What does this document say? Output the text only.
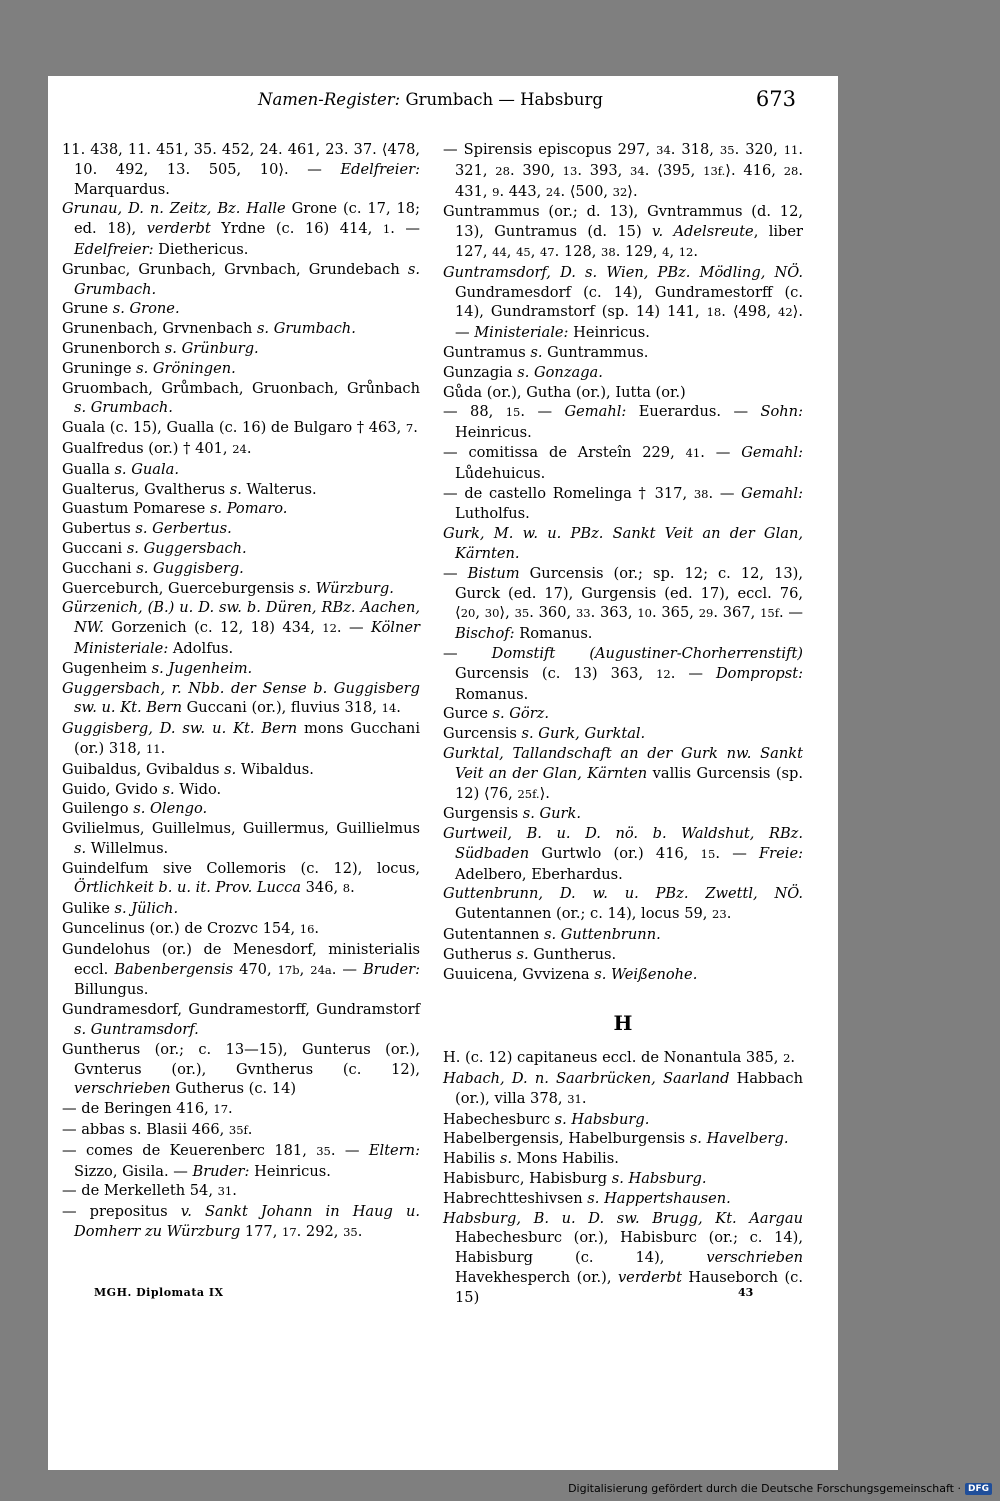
Namen-Register: Grumbach — Habsburg	673
11. 438, 11. 451, 35. 452, 24. 461, 23. 37. ⟨478, 10. 492, 13. 505, 10⟩. — Edelfreier: Marquardus.
Grunau, D. n. Zeitz, Bz. Halle Grone (c. 17, 18; ed. 18), verderbt Yrdne (c. 16) 414, 1. — Edelfreier: Diethericus.
Grunbac, Grunbach, Grvnbach, Grundebach s. Grumbach.
Grune s. Grone.
Grunenbach, Grvnenbach s. Grumbach.
Grunenborch s. Grünburg.
Gruninge s. Gröningen.
Gruombach, Grůmbach, Gruonbach, Grůnbach s. Grumbach.
Guala (c. 15), Gualla (c. 16) de Bulgaro † 463, 7.
Gualfredus (or.) † 401, 24.
Gualla s. Guala.
Gualterus, Gvaltherus s. Walterus.
Guastum Pomarese s. Pomaro.
Gubertus s. Gerbertus.
Guccani s. Guggersbach.
Gucchani s. Guggisberg.
Guerceburch, Guerceburgensis s. Würzburg.
Gürzenich, (B.) u. D. sw. b. Düren, RBz. Aachen, NW. Gorzenich (c. 12, 18) 434, 12. — Kölner Ministeriale: Adolfus.
Gugenheim s. Jugenheim.
Guggersbach, r. Nbb. der Sense b. Guggisberg sw. u. Kt. Bern Guccani (or.), fluvius 318, 14.
Guggisberg, D. sw. u. Kt. Bern mons Gucchani (or.) 318, 11.
Guibaldus, Gvibaldus s. Wibaldus.
Guido, Gvido s. Wido.
Guilengo s. Olengo.
Gvilielmus, Guillelmus, Guillermus, Guillielmus s. Willelmus.
Guindelfum sive Collemoris (c. 12), locus, Örtlichkeit b. u. it. Prov. Lucca 346, 8.
Gulike s. Jülich.
Guncelinus (or.) de Crozvc 154, 16.
Gundelohus (or.) de Menesdorf, ministerialis eccl. Babenbergensis 470, 17b, 24a. — Bruder: Billungus.
Gundramesdorf, Gundramestorff, Gundramstorf s. Guntramsdorf.
Guntherus (or.; c. 13—15), Gunterus (or.), Gvnterus (or.), Gvntherus (c. 12), verschrieben Gutherus (c. 14)
— de Beringen 416, 17.
— abbas s. Blasii 466, 35f.
— comes de Keuerenberc 181, 35. — Eltern: Sizzo, Gisila. — Bruder: Heinricus.
— de Merkelleth 54, 31.
— prepositus v. Sankt Johann in Haug u. Domherr zu Würzburg 177, 17. 292, 35.
— Spirensis episcopus 297, 34. 318, 35. 320, 11. 321, 28. 390, 13. 393, 34. ⟨395, 13f.⟩. 416, 28. 431, 9. 443, 24. ⟨500, 32⟩.
Guntrammus (or.; d. 13), Gvntrammus (d. 12, 13), Guntramus (d. 15) v. Adelsreute, liber 127, 44, 45, 47. 128, 38. 129, 4, 12.
Guntramsdorf, D. s. Wien, PBz. Mödling, NÖ. Gundramesdorf (c. 14), Gundramestorff (c. 14), Gundramstorf (sp. 14) 141, 18. ⟨498, 42⟩. — Ministeriale: Heinricus.
Guntramus s. Guntrammus.
Gunzagia s. Gonzaga.
Gůda (or.), Gutha (or.), Iutta (or.)
— 88, 15. — Gemahl: Euerardus. — Sohn: Heinricus.
— comitissa de Arsteîn 229, 41. — Gemahl: Lůdehuicus.
— de castello Romelinga † 317, 38. — Gemahl: Lutholfus.
Gurk, M. w. u. PBz. Sankt Veit an der Glan, Kärnten.
— Bistum Gurcensis (or.; sp. 12; c. 12, 13), Gurck (ed. 17), Gurgensis (ed. 17), eccl. 76, ⟨20, 30⟩, 35. 360, 33. 363, 10. 365, 29. 367, 15f. — Bischof: Romanus.
— Domstift (Augustiner-Chorherrenstift) Gurcensis (c. 13) 363, 12. — Dompropst: Romanus.
Gurce s. Görz.
Gurcensis s. Gurk, Gurktal.
Gurktal, Tallandschaft an der Gurk nw. Sankt Veit an der Glan, Kärnten vallis Gurcensis (sp. 12) ⟨76, 25f.⟩.
Gurgensis s. Gurk.
Gurtweil, B. u. D. nö. b. Waldshut, RBz. Südbaden Gurtwlo (or.) 416, 15. — Freie: Adelbero, Eberhardus.
Guttenbrunn, D. w. u. PBz. Zwettl, NÖ. Gutentannen (or.; c. 14), locus 59, 23.
Gutentannen s. Guttenbrunn.
Gutherus s. Guntherus.
Guuicena, Gvvizena s. Weißenohe.
H
H. (c. 12) capitaneus eccl. de Nonantula 385, 2.
Habach, D. n. Saarbrücken, Saarland Habbach (or.), villa 378, 31.
Habechesburc s. Habsburg.
Habelbergensis, Habelburgensis s. Havelberg.
Habilis s. Mons Habilis.
Habisburc, Habisburg s. Habsburg.
Habrechtteshivsen s. Happertshausen.
Habsburg, B. u. D. sw. Brugg, Kt. Aargau Habechesburc (or.), Habisburc (or.; c. 14), Habisburg (c. 14), verschrieben Havekhesperch (or.), verderbt Hauseborch (c. 15)
MGH. Diplomata IX	43
Digitalisierung gefördert durch die Deutsche Forschungsgemeinschaft · DFG
